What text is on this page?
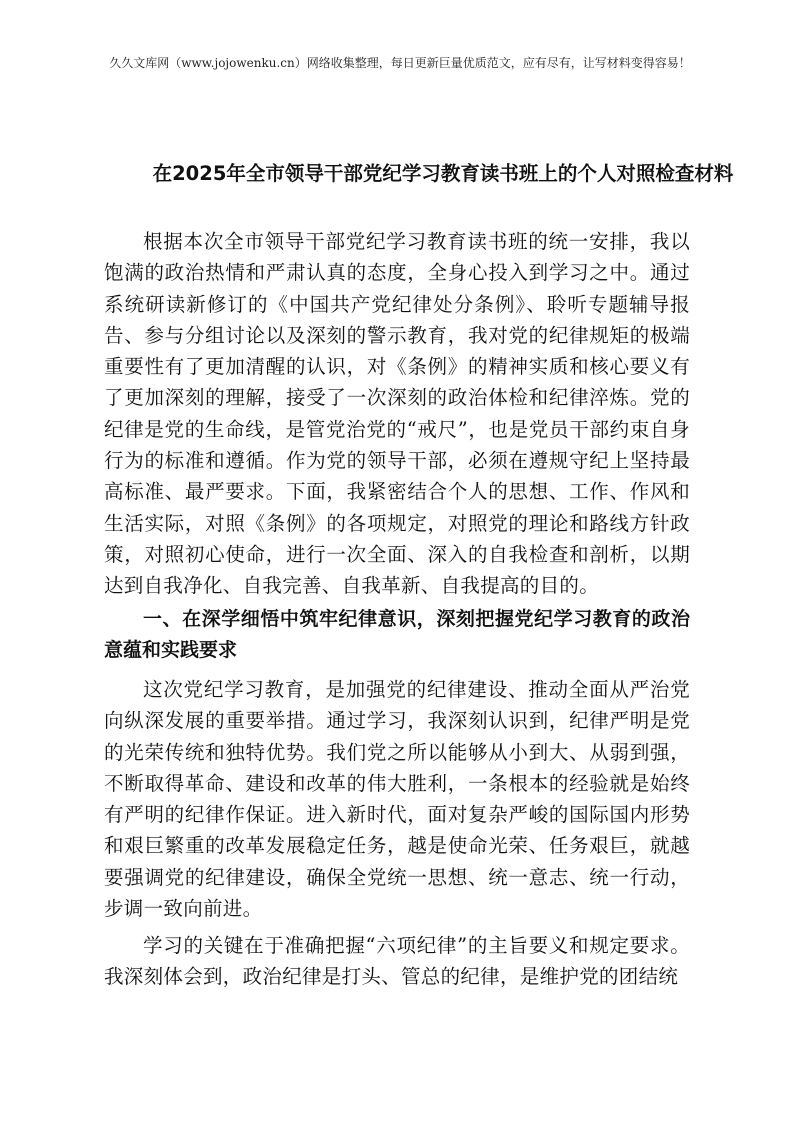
久久文库网（www.jojowenku.cn）网络收集整理，每日更新巨量优质范文，应有尽有，让写材料变得容易！

在2025年全市领导干部党纪学习教育读书班上的个人对照检查材料

根据本次全市领导干部党纪学习教育读书班的统一安排，我以饱满的政治热情和严肃认真的态度，全身心投入到学习之中。通过系统研读新修订的《中国共产党纪律处分条例》、聆听专题辅导报告、参与分组讨论以及深刻的警示教育，我对党的纪律规矩的极端重要性有了更加清醒的认识，对《条例》的精神实质和核心要义有了更加深刻的理解，接受了一次深刻的政治体检和纪律淬炼。党的纪律是党的生命线，是管党治党的“戒尺”，也是党员干部约束自身行为的标准和遵循。作为党的领导干部，必须在遵规守纪上坚持最高标准、最严要求。下面，我紧密结合个人的思想、工作、作风和生活实际，对照《条例》的各项规定，对照党的理论和路线方针政策，对照初心使命，进行一次全面、深入的自我检查和剖析，以期达到自我净化、自我完善、自我革新、自我提高的目的。

一、在深学细悟中筑牢纪律意识，深刻把握党纪学习教育的政治意蕴和实践要求

这次党纪学习教育，是加强党的纪律建设、推动全面从严治党向纵深发展的重要举措。通过学习，我深刻认识到，纪律严明是党的光荣传统和独特优势。我们党之所以能够从小到大、从弱到强，不断取得革命、建设和改革的伟大胜利，一条根本的经验就是始终有严明的纪律作保证。进入新时代，面对复杂严峻的国际国内形势和艰巨繁重的改革发展稳定任务，越是使命光荣、任务艰巨，就越要强调党的纪律建设，确保全党统一思想、统一意志、统一行动，步调一致向前进。

学习的关键在于准确把握“六项纪律”的主旨要义和规定要求。我深刻体会到，政治纪律是打头、管总的纪律，是维护党的团结统
